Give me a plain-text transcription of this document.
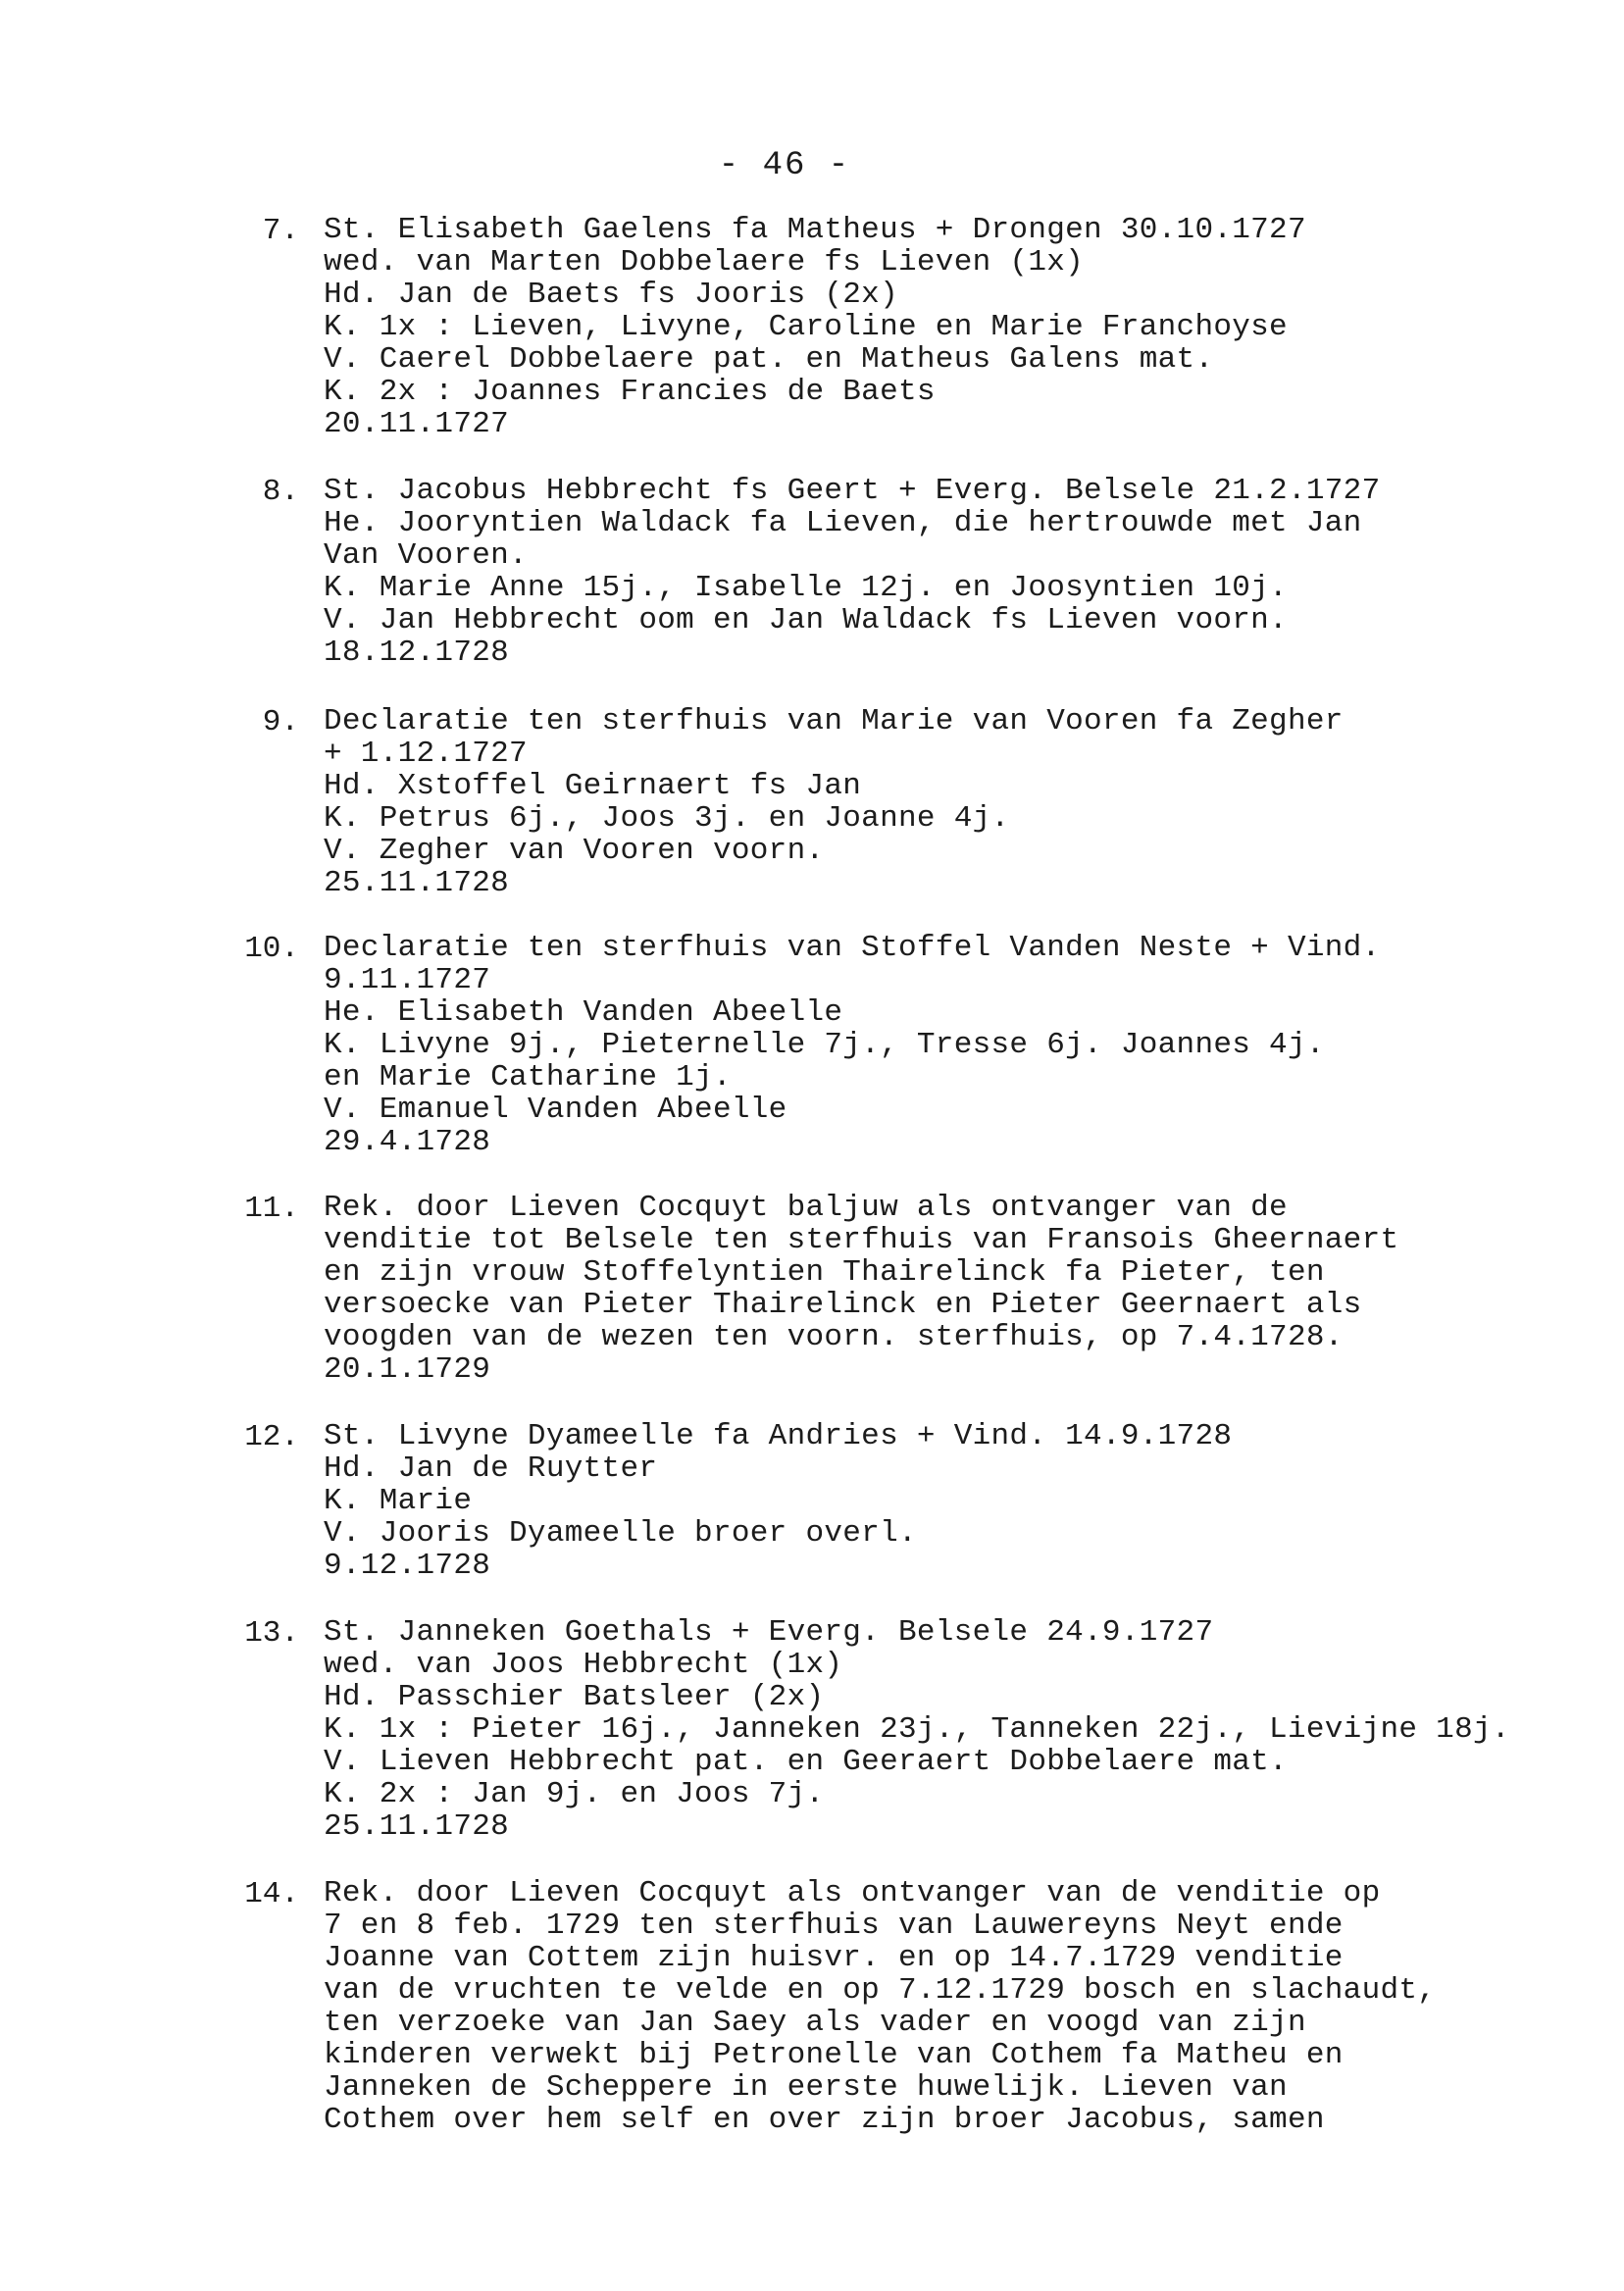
- 46 -
7. St. Elisabeth Gaelens fa Matheus + Drongen 30.10.1727
wed. van Marten Dobbelaere fs Lieven (1x)
Hd. Jan de Baets fs Jooris (2x)
K. 1x : Lieven, Livyne, Caroline en Marie Franchoyse
V. Caerel Dobbelaere pat. en Matheus Galens mat.
K. 2x : Joannes Francies de Baets
20.11.1727
8. St. Jacobus Hebbrecht fs Geert + Everg. Belsele 21.2.1727
He. Jooryntien Waldack fa Lieven, die hertrouwde met Jan
Van Vooren.
K. Marie Anne 15j., Isabelle 12j. en Joosyntien 10j.
V. Jan Hebbrecht oom en Jan Waldack fs Lieven voorn.
18.12.1728
9. Declaratie ten sterfhuis van Marie van Vooren fa Zegher
+ 1.12.1727
Hd. Xstoffel Geirnaert fs Jan
K. Petrus 6j., Joos 3j. en Joanne 4j.
V. Zegher van Vooren voorn.
25.11.1728
10. Declaratie ten sterfhuis van Stoffel Vanden Neste + Vind.
9.11.1727
He. Elisabeth Vanden Abeelle
K. Livyne 9j., Pieternelle 7j., Tresse 6j. Joannes 4j.
en Marie Catharine 1j.
V. Emanuel Vanden Abeelle
29.4.1728
11. Rek. door Lieven Cocquyt baljuw als ontvanger van de
venditie tot Belsele ten sterfhuis van Fransois Gheernaert
en zijn vrouw Stoffelyntien Thairelinck fa Pieter, ten
versoecke van Pieter Thairelinck en Pieter Geernaert als
voogden van de wezen ten voorn. sterfhuis, op 7.4.1728.
20.1.1729
12. St. Livyne Dyameelle fa Andries + Vind. 14.9.1728
Hd. Jan de Ruytter
K. Marie
V. Jooris Dyameelle broer overl.
9.12.1728
13. St. Janneken Goethals + Everg. Belsele 24.9.1727
wed. van Joos Hebbrecht (1x)
Hd. Passchier Batsleer (2x)
K. 1x : Pieter 16j., Janneken 23j., Tanneken 22j., Lievijne 18j.
V. Lieven Hebbrecht pat. en Geeraert Dobbelaere mat.
K. 2x : Jan 9j. en Joos 7j.
25.11.1728
14. Rek. door Lieven Cocquyt als ontvanger van de venditie op
7 en 8 feb. 1729 ten sterfhuis van Lauwereyns Neyt ende
Joanne van Cottem zijn huisvr. en op 14.7.1729 venditie
van de vruchten te velde en op 7.12.1729 bosch en slachaudt,
ten verzoeke van Jan Saey als vader en voogd van zijn
kinderen verwekt bij Petronelle van Cothem fa Matheu en
Janneken de Scheppere in eerste huwelijk. Lieven van
Cothem over hem self en over zijn broer Jacobus, samen
